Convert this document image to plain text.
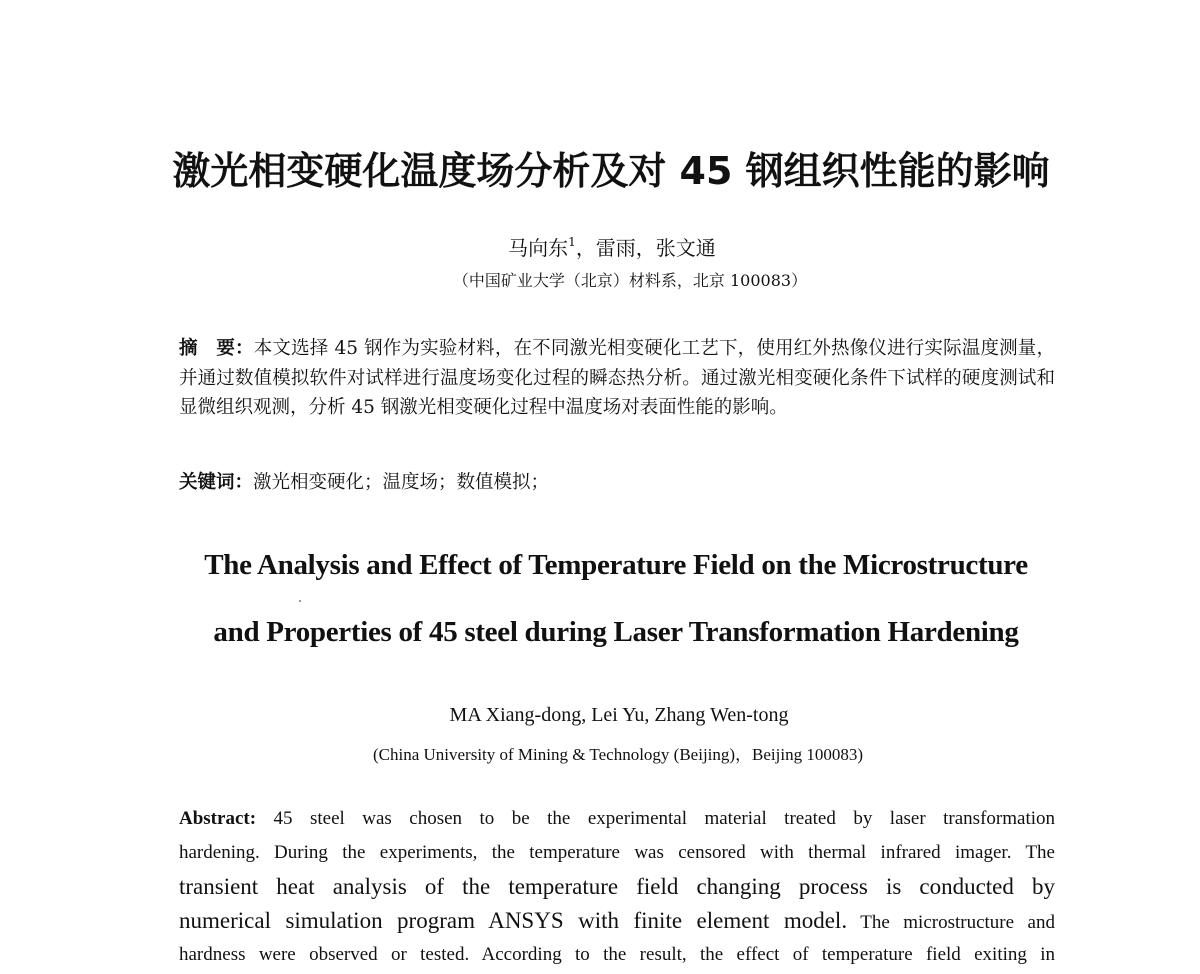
激光相变硬化温度场分析及对 45 钢组织性能的影响
马向东$^1$，雷雨，张文通
（中国矿业大学（北京）材料系，北京 100083）
摘　要：本文选择 45 钢作为实验材料，在不同激光相变硬化工艺下，使用红外热像仪进行实际温度测量，并通过数值模拟软件对试样进行温度场变化过程的瞬态热分析。通过激光相变硬化条件下试样的硬度测试和显微组织观测，分析 45 钢激光相变硬化过程中温度场对表面性能的影响。
关键词：激光相变硬化；温度场；数值模拟；
The Analysis and Effect of Temperature Field on the Microstructure
and Properties of 45 steel during Laser Transformation Hardening
MA Xiang-dong, Lei Yu, Zhang Wen-tong
(China University of Mining & Technology (Beijing)，Beijing 100083)
Abstract: 45 steel was chosen to be the experimental material treated by laser transformation
hardening. During the experiments, the temperature was censored with thermal infrared imager. The
transient heat analysis of the temperature field changing process is conducted by
numerical simulation program ANSYS with finite element model. The microstructure and
hardness were observed or tested. According to the result, the effect of temperature field exiting in
